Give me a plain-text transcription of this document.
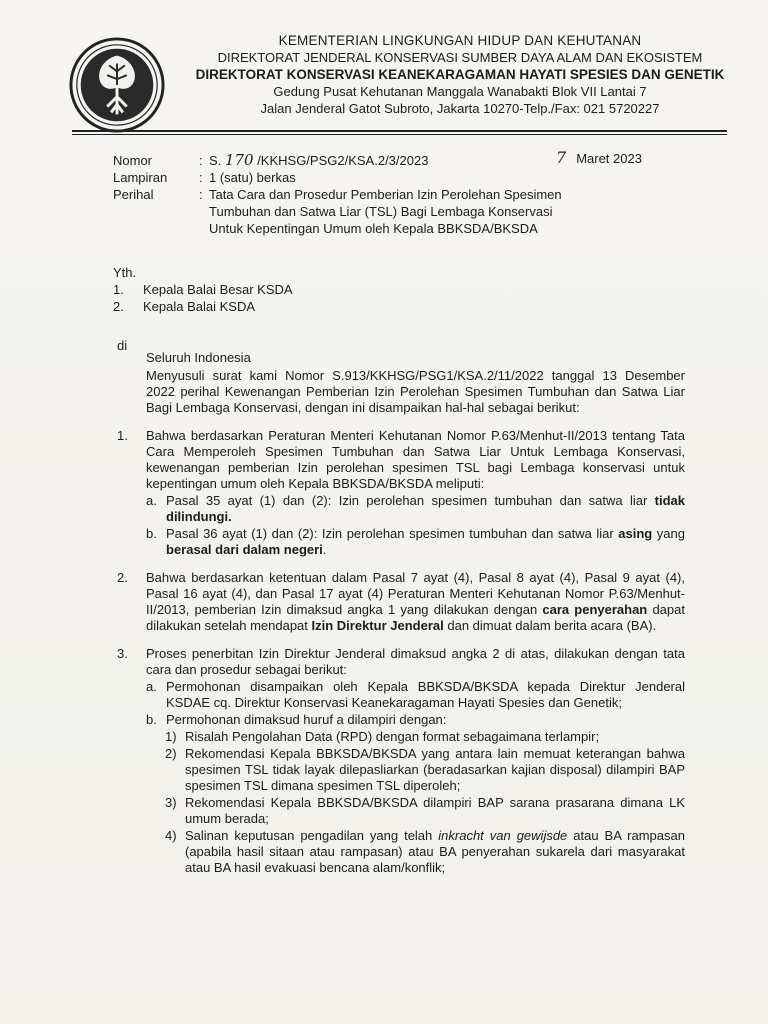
KEMENTERIAN LINGKUNGAN HIDUP DAN KEHUTANAN
DIREKTORAT JENDERAL KONSERVASI SUMBER DAYA ALAM DAN EKOSISTEM
DIREKTORAT KONSERVASI KEANEKARAGAMAN HAYATI SPESIES DAN GENETIK
Gedung Pusat Kehutanan Manggala Wanabakti Blok VII Lantai 7
Jalan Jenderal Gatot Subroto, Jakarta 10270-Telp./Fax: 021 5720227
Nomor	: S. 170 /KKHSG/PSG2/KSA.2/3/2023
Lampiran	: 1 (satu) berkas
Perihal	: Tata Cara dan Prosedur Pemberian Izin Perolehan Spesimen Tumbuhan dan Satwa Liar (TSL) Bagi Lembaga Konservasi Untuk Kepentingan Umum oleh Kepala BBKSDA/BKSDA
7 Maret 2023
Yth.
1.	Kepala Balai Besar KSDA
2.	Kepala Balai KSDA
di
Seluruh Indonesia
Menyusuli surat kami Nomor S.913/KKHSG/PSG1/KSA.2/11/2022 tanggal 13 Desember 2022 perihal Kewenangan Pemberian Izin Perolehan Spesimen Tumbuhan dan Satwa Liar Bagi Lembaga Konservasi, dengan ini disampaikan hal-hal sebagai berikut:
1.	Bahwa berdasarkan Peraturan Menteri Kehutanan Nomor P.63/Menhut-II/2013 tentang Tata Cara Memperoleh Spesimen Tumbuhan dan Satwa Liar Untuk Lembaga Konservasi, kewenangan pemberian Izin perolehan spesimen TSL bagi Lembaga konservasi untuk kepentingan umum oleh Kepala BBKSDA/BKSDA meliputi:
a. Pasal 35 ayat (1) dan (2): Izin perolehan spesimen tumbuhan dan satwa liar tidak dilindungi.
b. Pasal 36 ayat (1) dan (2): Izin perolehan spesimen tumbuhan dan satwa liar asing yang berasal dari dalam negeri.
2.	Bahwa berdasarkan ketentuan dalam Pasal 7 ayat (4), Pasal 8 ayat (4), Pasal 9 ayat (4), Pasal 16 ayat (4), dan Pasal 17 ayat (4) Peraturan Menteri Kehutanan Nomor P.63/Menhut-II/2013, pemberian Izin dimaksud angka 1 yang dilakukan dengan cara penyerahan dapat dilakukan setelah mendapat Izin Direktur Jenderal dan dimuat dalam berita acara (BA).
3.	Proses penerbitan Izin Direktur Jenderal dimaksud angka 2 di atas, dilakukan dengan tata cara dan prosedur sebagai berikut:
a. Permohonan disampaikan oleh Kepala BBKSDA/BKSDA kepada Direktur Jenderal KSDAE cq. Direktur Konservasi Keanekaragaman Hayati Spesies dan Genetik;
b. Permohonan dimaksud huruf a dilampiri dengan:
1) Risalah Pengolahan Data (RPD) dengan format sebagaimana terlampir;
2) Rekomendasi Kepala BBKSDA/BKSDA yang antara lain memuat keterangan bahwa spesimen TSL tidak layak dilepasliarkan (beradasarkan kajian disposal) dilampiri BAP spesimen TSL dimana spesimen TSL diperoleh;
3) Rekomendasi Kepala BBKSDA/BKSDA dilampiri BAP sarana prasarana dimana LK umum berada;
4) Salinan keputusan pengadilan yang telah inkracht van gewijsde atau BA rampasan (apabila hasil sitaan atau rampasan) atau BA penyerahan sukarela dari masyarakat atau BA hasil evakuasi bencana alam/konflik;
